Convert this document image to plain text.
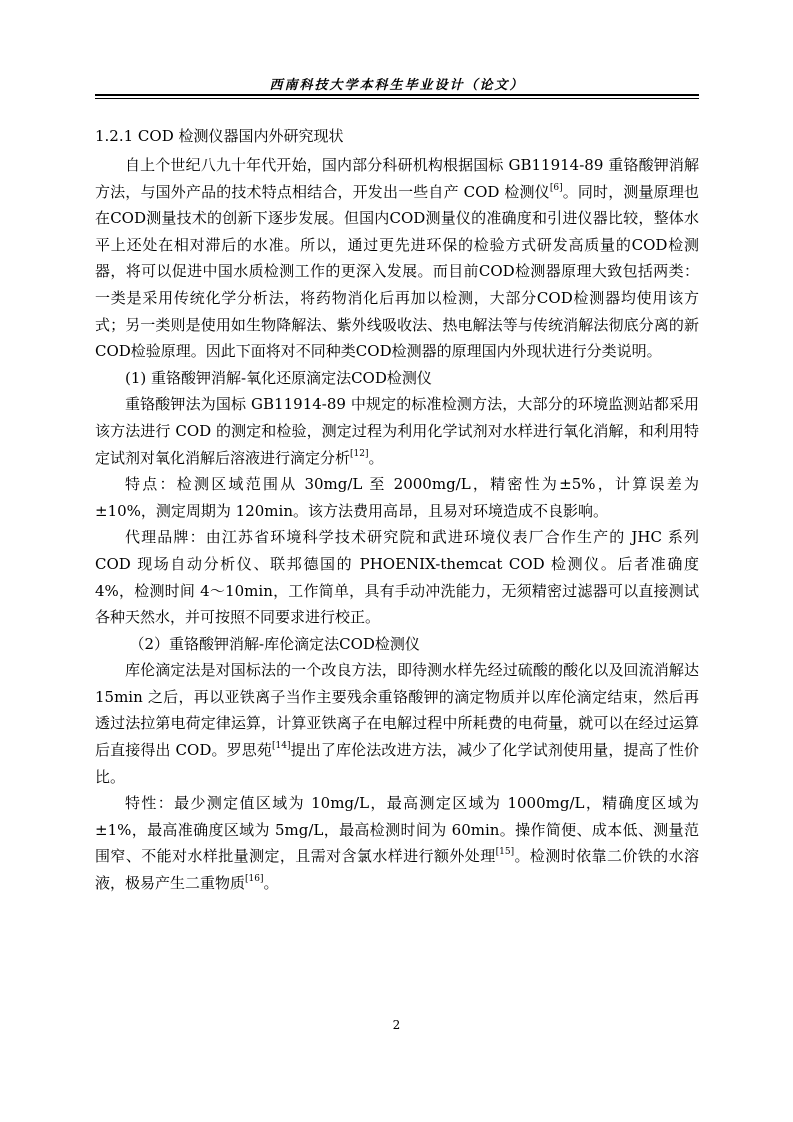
西南科技大学本科生毕业设计（论文）
1.2.1 COD 检测仪器国内外研究现状

自上个世纪八九十年代开始，国内部分科研机构根据国标 GB11914-89 重铬酸钾消解方法，与国外产品的技术特点相结合，开发出一些自产 COD 检测仪[6]。同时，测量原理也在COD测量技术的创新下逐步发展。但国内COD测量仪的准确度和引进仪器比较，整体水平上还处在相对滞后的水准。所以，通过更先进环保的检验方式研发高质量的COD检测器，将可以促进中国水质检测工作的更深入发展。而目前COD检测器原理大致包括两类：一类是采用传统化学分析法，将药物消化后再加以检测，大部分COD检测器均使用该方式；另一类则是使用如生物降解法、紫外线吸收法、热电解法等与传统消解法彻底分离的新COD检验原理。因此下面将对不同种类COD检测器的原理国内外现状进行分类说明。

(1) 重铬酸钾消解-氧化还原滴定法COD检测仪

重铬酸钾法为国标 GB11914-89 中规定的标准检测方法，大部分的环境监测站都采用该方法进行 COD 的测定和检验，测定过程为利用化学试剂对水样进行氧化消解，和利用特定试剂对氧化消解后溶液进行滴定分析[12]。

特点：检测区域范围从 30mg/L 至 2000mg/L，精密性为±5%，计算误差为±10%，测定周期为 120min。该方法费用高昂，且易对环境造成不良影响。

代理品牌：由江苏省环境科学技术研究院和武进环境仪表厂合作生产的 JHC 系列 COD 现场自动分析仪、联邦德国的 PHOENIX-themcat COD 检测仪。后者准确度 4%，检测时间 4～10min，工作简单，具有手动冲洗能力，无须精密过滤器可以直接测试各种天然水，并可按照不同要求进行校正。

（2）重铬酸钾消解-库伦滴定法COD检测仪

库伦滴定法是对国标法的一个改良方法，即待测水样先经过硫酸的酸化以及回流消解达 15min 之后，再以亚铁离子当作主要残余重铬酸钾的滴定物质并以库伦滴定结束，然后再透过法拉第电荷定律运算，计算亚铁离子在电解过程中所耗费的电荷量，就可以在经过运算后直接得出 COD。罗思苑[14]提出了库伦法改进方法，减少了化学试剂使用量，提高了性价比。

特性：最少测定值区域为 10mg/L，最高测定区域为 1000mg/L，精确度区域为±1%，最高准确度区域为 5mg/L，最高检测时间为 60min。操作简便、成本低、测量范围窄、不能对水样批量测定，且需对含氯水样进行额外处理[15]。检测时依靠二价铁的水溶液，极易产生二重物质[16]。

2
